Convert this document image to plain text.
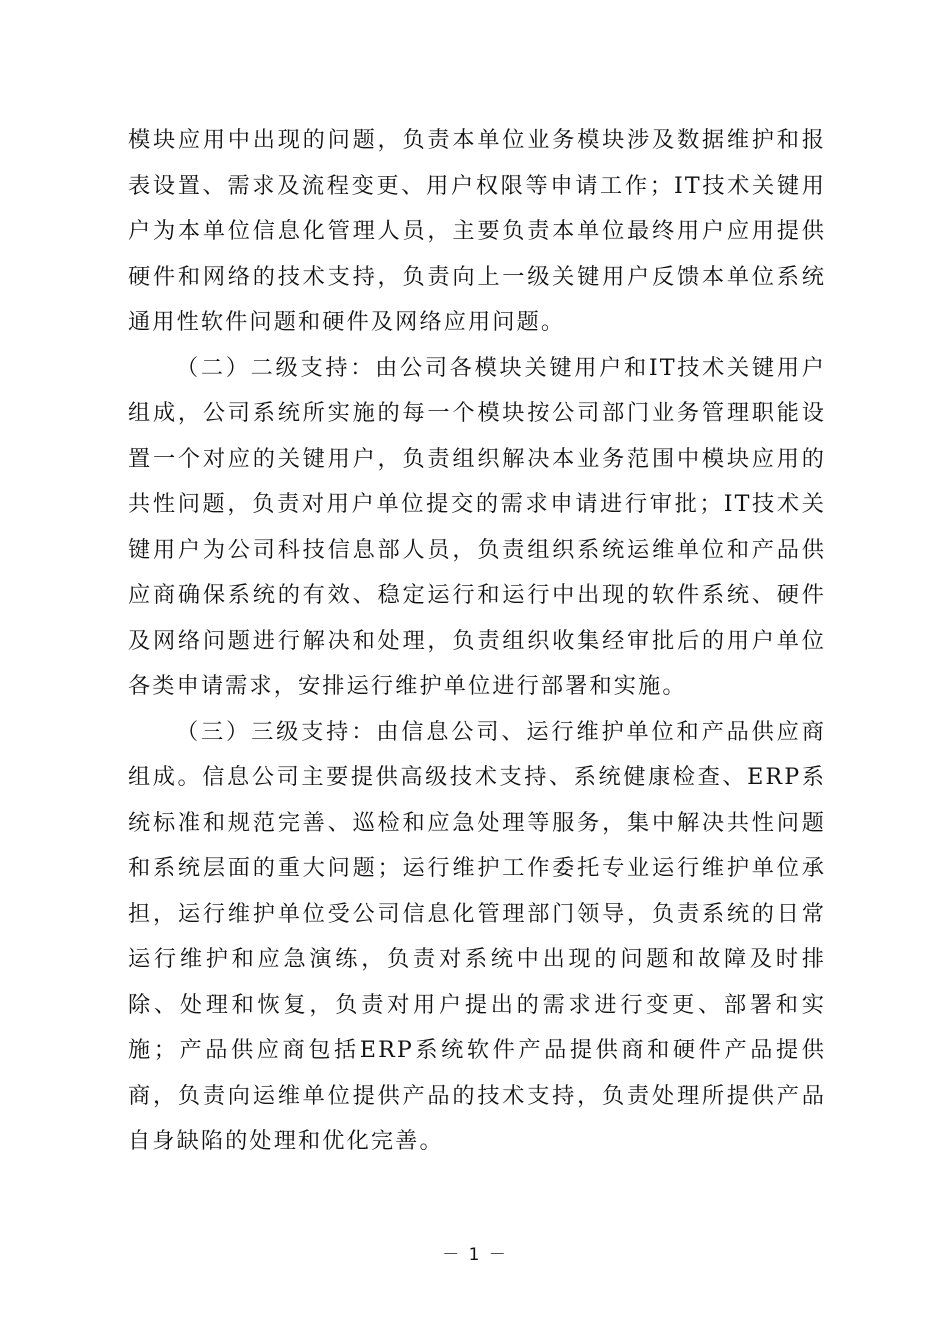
模块应用中出现的问题，负责本单位业务模块涉及数据维护和报表设置、需求及流程变更、用户权限等申请工作；IT技术关键用户为本单位信息化管理人员，主要负责本单位最终用户应用提供硬件和网络的技术支持，负责向上一级关键用户反馈本单位系统通用性软件问题和硬件及网络应用问题。

（二）二级支持：由公司各模块关键用户和IT技术关键用户组成，公司系统所实施的每一个模块按公司部门业务管理职能设置一个对应的关键用户，负责组织解决本业务范围中模块应用的共性问题，负责对用户单位提交的需求申请进行审批；IT技术关键用户为公司科技信息部人员，负责组织系统运维单位和产品供应商确保系统的有效、稳定运行和运行中出现的软件系统、硬件及网络问题进行解决和处理，负责组织收集经审批后的用户单位各类申请需求，安排运行维护单位进行部署和实施。

（三）三级支持：由信息公司、运行维护单位和产品供应商组成。信息公司主要提供高级技术支持、系统健康检查、ERP系统标准和规范完善、巡检和应急处理等服务，集中解决共性问题和系统层面的重大问题；运行维护工作委托专业运行维护单位承担，运行维护单位受公司信息化管理部门领导，负责系统的日常运行维护和应急演练，负责对系统中出现的问题和故障及时排除、处理和恢复，负责对用户提出的需求进行变更、部署和实施；产品供应商包括ERP系统软件产品提供商和硬件产品提供商，负责向运维单位提供产品的技术支持，负责处理所提供产品自身缺陷的处理和优化完善。

－ 1 －
